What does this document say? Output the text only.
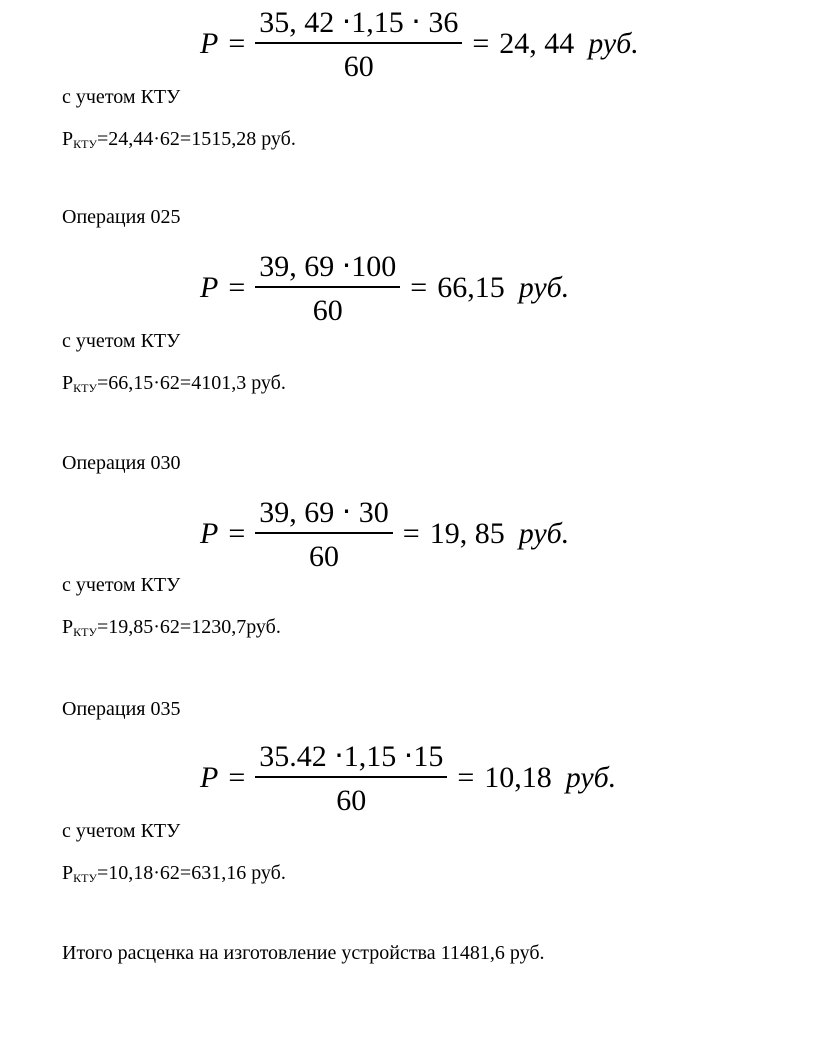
$P = \frac{35, 42 \cdot 1,15 \cdot 36}{60} = 24$, 44 руб.
с учетом КТУ
$P_{КТУ}=24,44\cdot 62=1515,28$ руб.
Операция 025
$P = \frac{39, 69 \cdot 100}{60} = 66,15$ руб.
с учетом КТУ
$P_{КТУ}=66,15\cdot 62=4101,3$ руб.
Операция 030
$P = \frac{39, 69 \cdot 30}{60} = 19$, 85 руб.
с учетом КТУ
$P_{КТУ}=19,85\cdot 62=1230,7руб$.
Операция 035
$P = \frac{35.42 \cdot 1,15 \cdot 15}{60} = 10,18$ руб.
с учетом КТУ
$P_{КТУ}=10,18\cdot 62=631,16$ руб.
Итого расценка на изготовление устройства 11481,6 руб.
